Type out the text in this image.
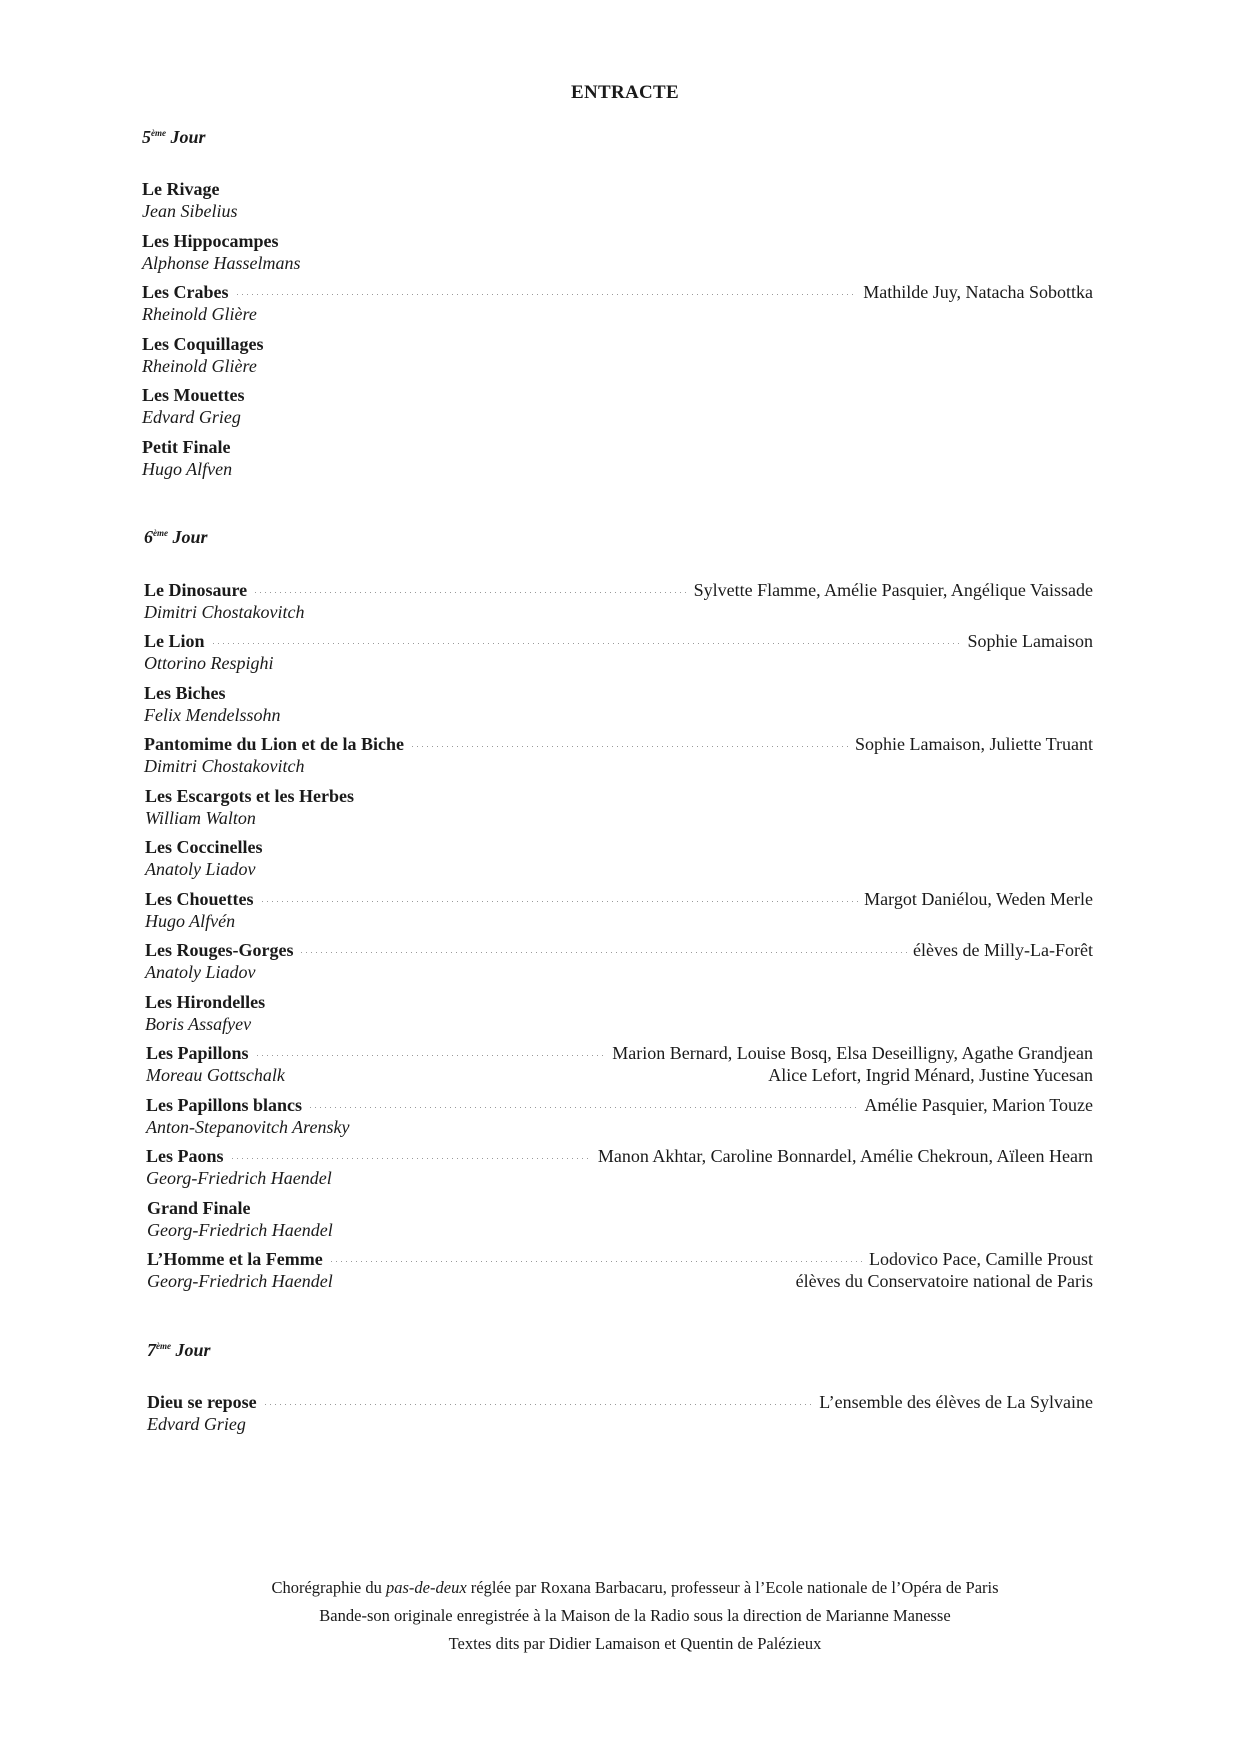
ENTRACTE
5ème Jour
6ème Jour
7ème Jour
Le Rivage
Jean Sibelius
Les Hippocampes
Alphonse Hasselmans
Les Crabes	Mathilde Juy, Natacha Sobottka
Rheinold Glière
Les Coquillages
Rheinold Glière
Les Mouettes
Edvard Grieg
Petit Finale
Hugo Alfven
Le Dinosaure	Sylvette Flamme, Amélie Pasquier, Angélique Vaissade
Dimitri Chostakovitch
Le Lion	Sophie Lamaison
Ottorino Respighi
Les Biches
Felix Mendelssohn
Pantomime du Lion et de la Biche	Sophie Lamaison, Juliette Truant
Dimitri Chostakovitch
Les Escargots et les Herbes
William Walton
Les Coccinelles
Anatoly Liadov
Les Chouettes	Margot Daniélou, Weden Merle
Hugo Alfvén
Les Rouges-Gorges	élèves de Milly-La-Forêt
Anatoly Liadov
Les Hirondelles
Boris Assafyev
Les Papillons	Marion Bernard, Louise Bosq, Elsa Deseilligny, Agathe Grandjean
Moreau Gottschalk	Alice Lefort, Ingrid Ménard, Justine Yucesan
Les Papillons blancs	Amélie Pasquier, Marion Touze
Anton-Stepanovitch Arensky
Les Paons	Manon Akhtar, Caroline Bonnardel, Amélie Chekroun, Aïleen Hearn
Georg-Friedrich Haendel
Grand Finale
Georg-Friedrich Haendel
L’Homme et la Femme	Lodovico Pace, Camille Proust
Georg-Friedrich Haendel	élèves du Conservatoire national de Paris
Dieu se repose	L’ensemble des élèves de La Sylvaine
Edvard Grieg
Chorégraphie du pas-de-deux réglée par Roxana Barbacaru, professeur à l’Ecole nationale de l’Opéra de Paris
Bande-son originale enregistrée à la Maison de la Radio sous la direction de Marianne Manesse
Textes dits par Didier Lamaison et Quentin de Palézieux
